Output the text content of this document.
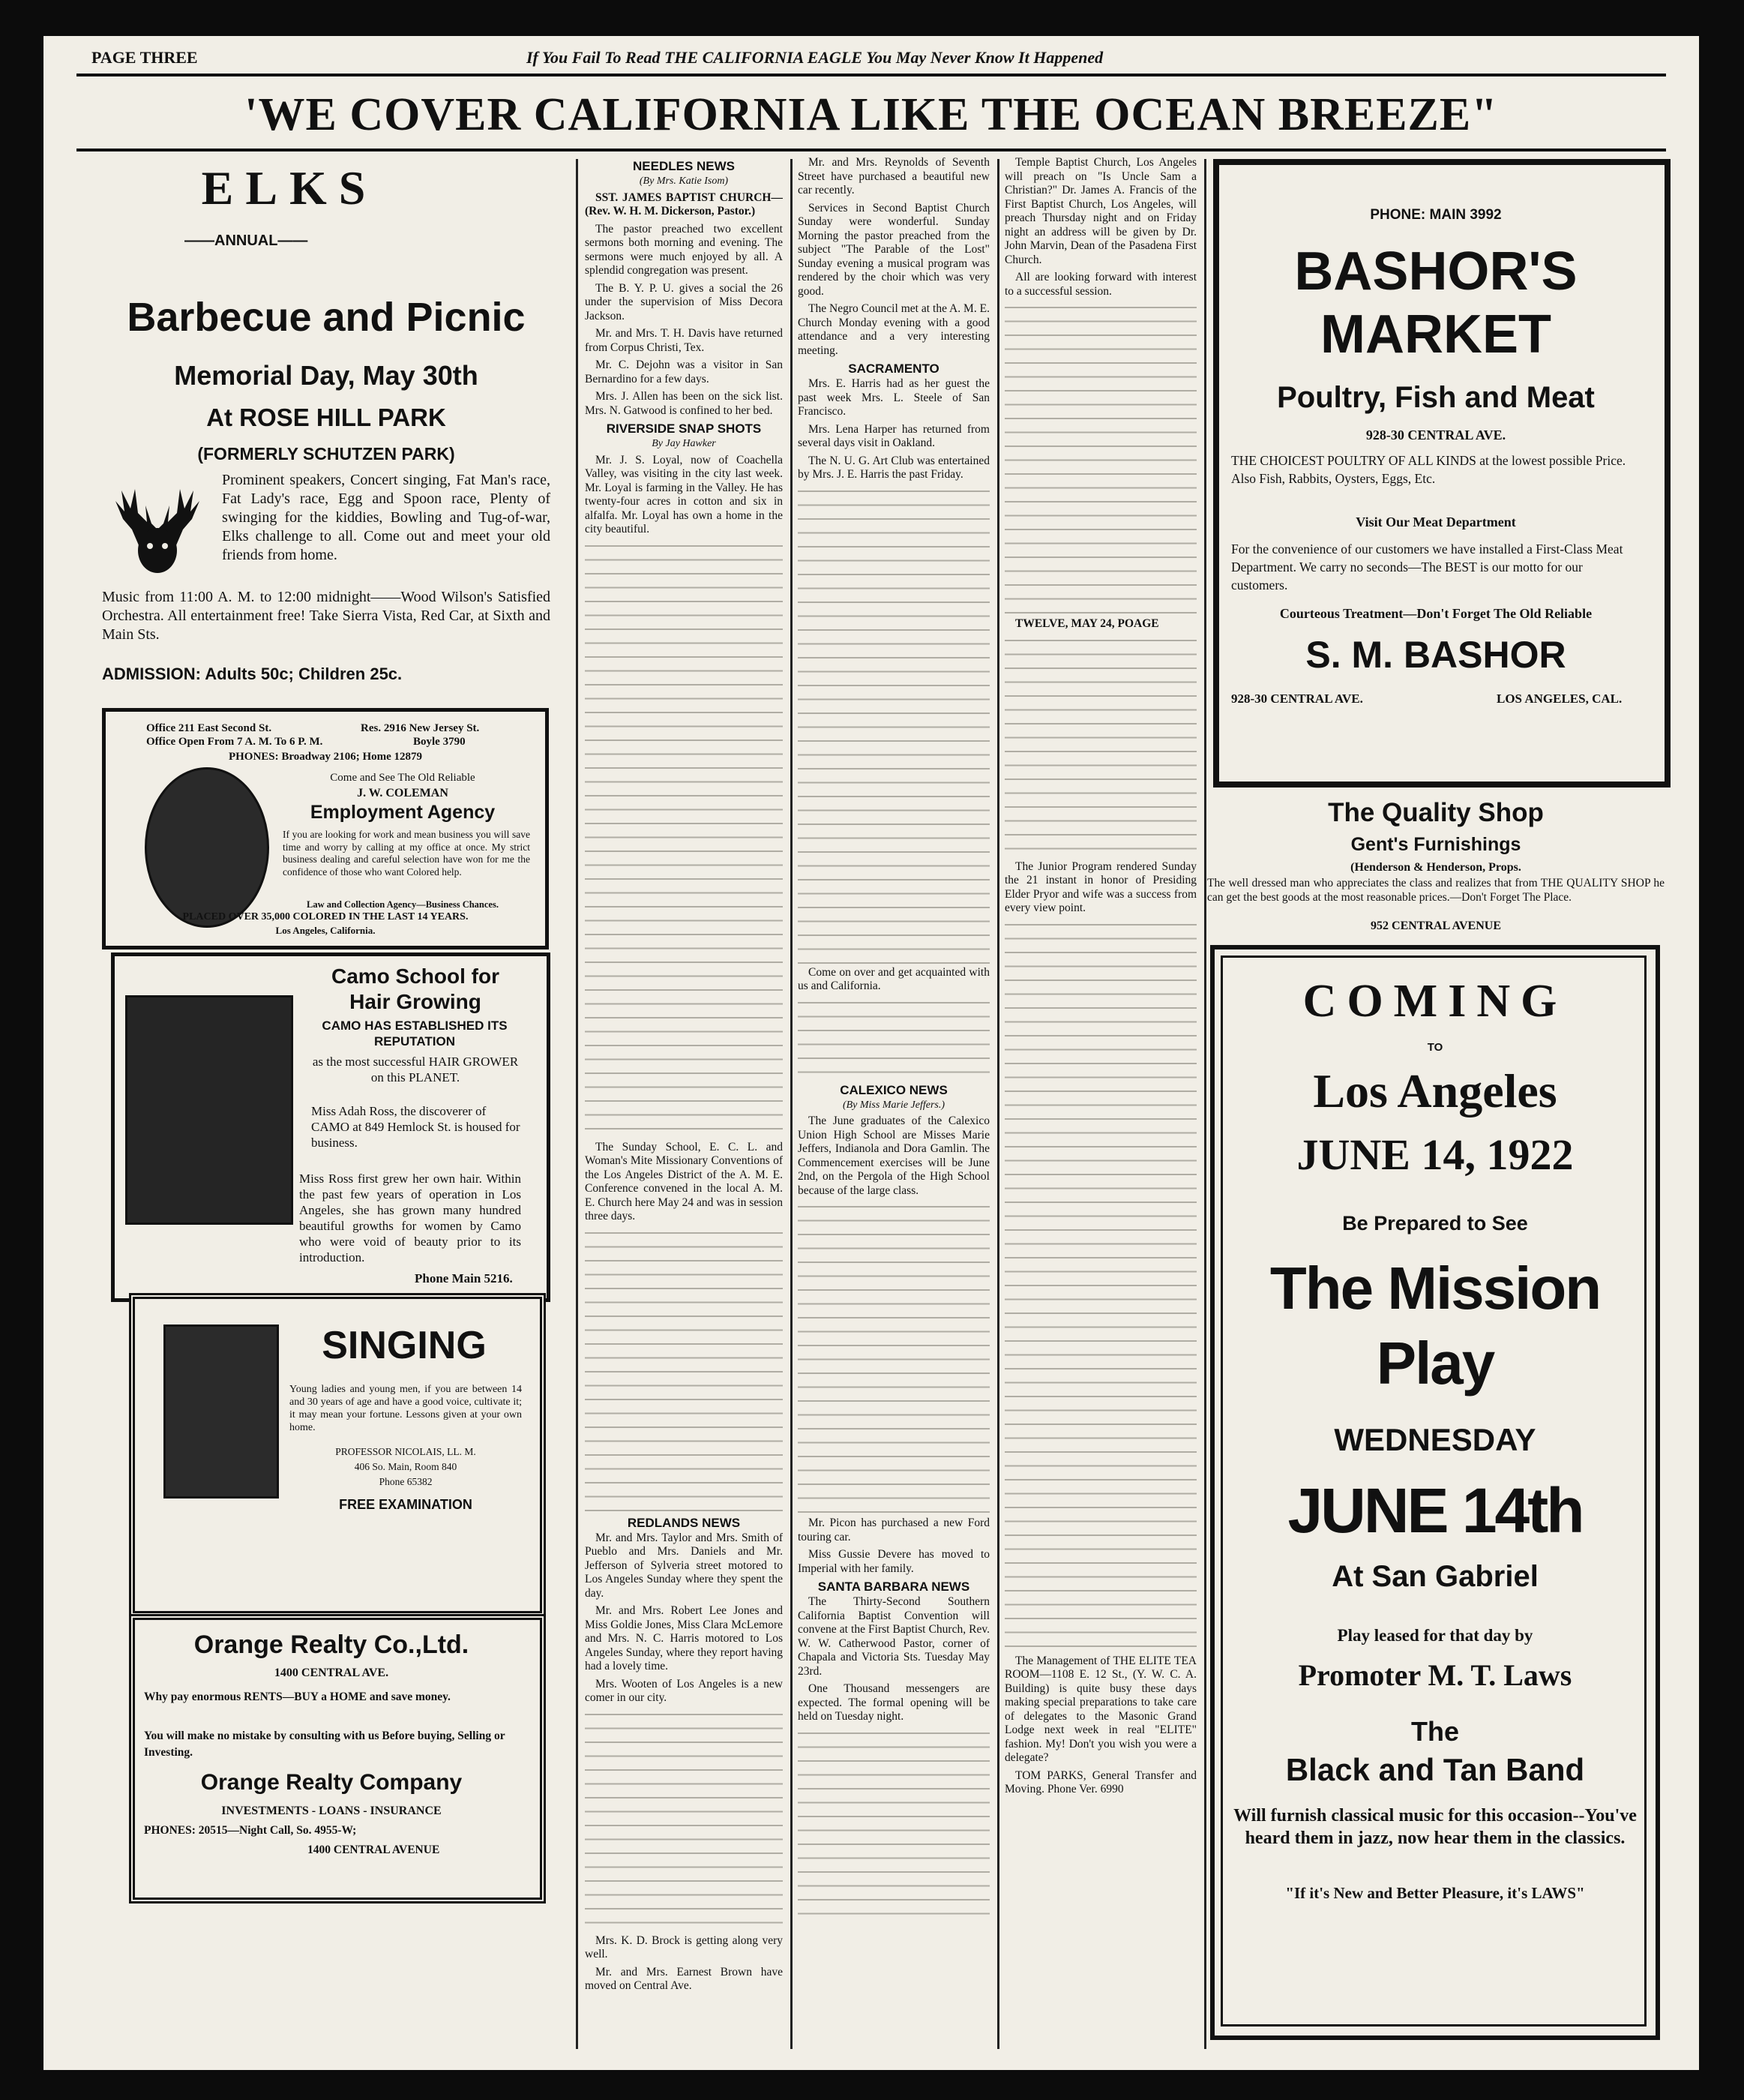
PAGE THREE	If You Fail To Read THE CALIFORNIA EAGLE You May Never Know It Happened
'WE COVER CALIFORNIA LIKE THE OCEAN BREEZE"
ELKS
——ANNUAL——
Barbecue and Picnic
Memorial Day, May 30th
At ROSE HILL PARK
(FORMERLY SCHUTZEN PARK)
Prominent speakers, Concert singing, Fat Man's race, Fat Lady's race, Egg and Spoon race, Plenty of swinging for the kiddies, Bowling and Tug-of-war, Elks challenge to all. Come out and meet your old friends from home.
Music from 11:00 A. M. to 12:00 midnight——Wood Wilson's Satisfied Orchestra. All entertainment free! Take Sierra Vista, Red Car, at Sixth and Main Sts.
ADMISSION: Adults 50c; Children 25c.
Office 211 East Second St.
Office Open From 7 A. M. To 6 P. M.
Res. 2916 New Jersey St.
Boyle 3790
PHONES: Broadway 2106; Home 12879
Come and See The Old Reliable
J. W. COLEMAN
Employment Agency
If you are looking for work and mean business you will save time and worry by calling at my office at once. My strict business dealing and careful selection have won for me the confidence of those who want Colored help.
Law and Collection Agency—Business Chances.
PLACED OVER 35,000 COLORED IN THE LAST 14 YEARS.
Los Angeles, California.
Camo School for Hair Growing
CAMO HAS ESTABLISHED ITS REPUTATION
as the most successful HAIR GROWER on this PLANET.
Miss Adah Ross, the discoverer of CAMO at 849 Hemlock St. is housed for business.
Miss Ross first grew her own hair. Within the past few years of operation in Los Angeles, she has grown many hundred beautiful growths for women by Camo who were void of beauty prior to its introduction.
Phone Main 5216.
SINGING
Young ladies and young men, if you are between 14 and 30 years of age and have a good voice, cultivate it; it may mean your fortune. Lessons given at your own home.
PROFESSOR NICOLAIS, LL. M.
406 So. Main, Room 840
Phone 65382
FREE EXAMINATION
Orange Realty Co.,Ltd.
1400 CENTRAL AVE.
Why pay enormous RENTS—BUY a HOME and save money.
You will make no mistake by consulting with us Before buying, Selling or Investing.
Orange Realty Company
INVESTMENTS - LOANS - INSURANCE
PHONES: 20515—Night Call, So. 4955-W;
1400 CENTRAL AVENUE
NEEDLES NEWS
(By Mrs. Katie Isom)

SST. JAMES BAPTIST CHURCH—(Rev. W. H. M. Dickerson, Pastor.)

The pastor preached two excellent sermons both morning and evening. The sermons were much enjoyed by all. A splendid congregation was present.

The B. Y. P. U. gives a social the 26 under the supervision of Miss Decora Jackson.

Mr. and Mrs. T. H. Davis have returned from Corpus Christi, Tex.

Mr. C. Dejohn was a visitor in San Bernardino for a few days.

Mrs. J. Allen has been on the sick list. Mrs. N. Gatwood is confined to her bed.

RIVERSIDE SNAP SHOTS
By Jay Hawker

Mr. J. S. Loyal, now of Coachella Valley, was visiting in the city last week. Mr. Loyal is farming in the Valley. He has twenty-four acres in cotton and six in alfalfa. Mr. Loyal has own a home in the city beautiful.

The Sunday School, E. C. L. and Woman's Mite Missionary Conventions of the Los Angeles District of the A. M. E. Conference convened in the local A. M. E. Church here May 24 and was in session three days.

REDLANDS NEWS

Mr. and Mrs. Taylor and Mrs. Smith of Pueblo and Mrs. Daniels and Mr. Jefferson of Sylveria street motored to Los Angeles Sunday where they spent the day.

Mr. and Mrs. Robert Lee Jones and Miss Goldie Jones, Miss Clara McLemore and Mrs. N. C. Harris motored to Los Angeles Sunday, where they report having had a lovely time.

Mrs. Wooten of Los Angeles is a new comer in our city.

Mrs. K. D. Brock is getting along very well.

Mr. and Mrs. Earnest Brown have moved on Central Ave.

Mr. and Mrs. Reynolds of Seventh Street have purchased a beautiful new car recently.

Services in Second Baptist Church Sunday were wonderful. Sunday Morning the pastor preached from the subject "The Parable of the Lost" Sunday evening a musical program was rendered by the choir which was very good.

The Negro Council met at the A. M. E. Church Monday evening with a good attendance and a very interesting meeting.

SACRAMENTO

Mrs. E. Harris had as her guest the past week Mrs. L. Steele of San Francisco.

Mrs. Lena Harper has returned from several days visit in Oakland.

The N. U. G. Art Club was entertained by Mrs. J. E. Harris the past Friday.

Come on over and get acquainted with us and California.

CALEXICO NEWS
(By Miss Marie Jeffers.)

The June graduates of the Calexico Union High School are Misses Marie Jeffers, Indianola and Dora Gamlin. The Commencement exercises will be June 2nd, on the Pergola of the High School because of the large class.

Mr. Picon has purchased a new Ford touring car.

Miss Gussie Devere has moved to Imperial with her family.

SANTA BARBARA NEWS

The Thirty-Second Southern California Baptist Convention will convene at the First Baptist Church, Rev. W. W. Catherwood Pastor, corner of Chapala and Victoria Sts. Tuesday May 23rd.

One Thousand messengers are expected. The formal opening will be held on Tuesday night.

Temple Baptist Church, Los Angeles will preach on "Is Uncle Sam a Christian?" Dr. James A. Francis of the First Baptist Church, Los Angeles, will preach Thursday night and on Friday night an address will be given by Dr. John Marvin, Dean of the Pasadena First Church.

All are looking forward with interest to a successful session.

TWELVE, MAY 24, POAGE

The Junior Program rendered Sunday the 21 instant in honor of Presiding Elder Pryor and wife was a success from every view point.

The Management of THE ELITE TEA ROOM—1108 E. 12 St., (Y. W. C. A. Building) is quite busy these days making special preparations to take care of delegates to the Masonic Grand Lodge next week in real "ELITE" fashion. My! Don't you wish you were a delegate?

TOM PARKS, General Transfer and Moving. Phone Ver. 6990

PHONE: MAIN 3992
BASHOR'S
MARKET
Poultry, Fish and Meat
928-30 CENTRAL AVE.
THE CHOICEST POULTRY OF ALL KINDS at the lowest possible Price. Also Fish, Rabbits, Oysters, Eggs, Etc.
Visit Our Meat Department
For the convenience of our customers we have installed a First-Class Meat Department. We carry no seconds—The BEST is our motto for our customers.
Courteous Treatment—Don't Forget The Old Reliable
S. M. BASHOR
928-30 CENTRAL AVE.	LOS ANGELES, CAL.
The Quality Shop
Gent's Furnishings
(Henderson & Henderson, Props.
The well dressed man who appreciates the class and realizes that from THE QUALITY SHOP he can get the best goods at the most reasonable prices.—Don't Forget The Place.
952 CENTRAL AVENUE
COMING
TO
Los Angeles
JUNE 14, 1922
Be Prepared to See
The Mission
Play
WEDNESDAY
JUNE 14th
At San Gabriel
Play leased for that day by
Promoter M. T. Laws
The
Black and Tan Band
Will furnish classical music for this occasion--You've heard them in jazz, now hear them in the classics.
"If it's New and Better Pleasure, it's LAWS"
